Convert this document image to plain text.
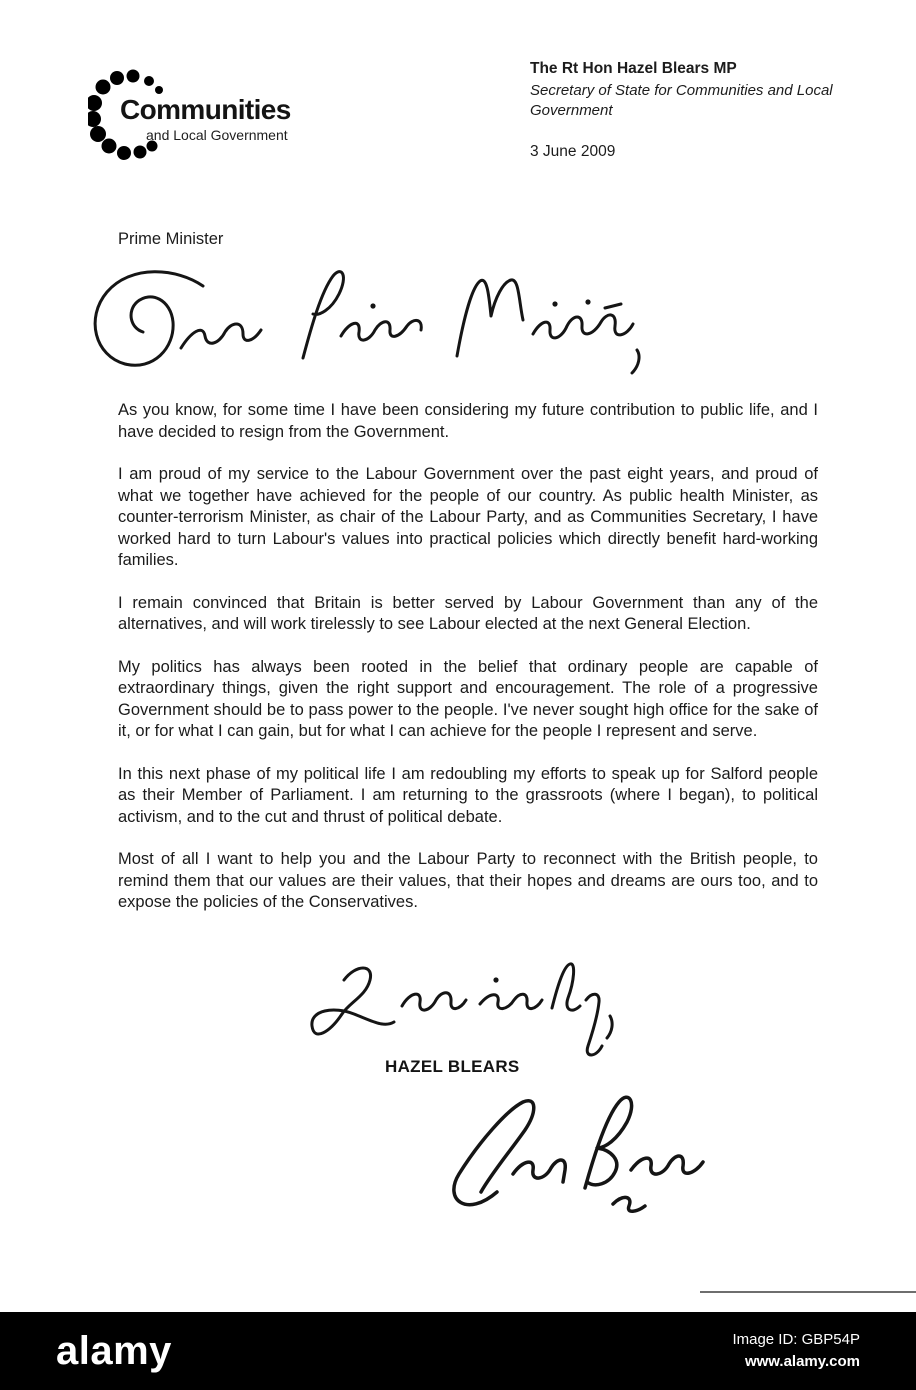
Communities
and Local Government
The Rt Hon Hazel Blears MP
Secretary of State for Communities and Local Government
3 June 2009
Prime Minister

As you know, for some time I have been considering my future contribution to public life, and I have decided to resign from the Government.

I am proud of my service to the Labour Government over the past eight years, and proud of what we together have achieved for the people of our country. As public health Minister, as counter-terrorism Minister, as chair of the Labour Party, and as Communities Secretary, I have worked hard to turn Labour's values into practical policies which directly benefit hard-working families.

I remain convinced that Britain is better served by Labour Government than any of the alternatives, and will work tirelessly to see Labour elected at the next General Election.

My politics has always been rooted in the belief that ordinary people are capable of extraordinary things, given the right support and encouragement. The role of a progressive Government should be to pass power to the people. I've never sought high office for the sake of it, or for what I can gain, but for what I can achieve for the people I represent and serve.

In this next phase of my political life I am redoubling my efforts to speak up for Salford people as their Member of Parliament. I am returning to the grassroots (where I began), to political activism, and to the cut and thrust of political debate.

Most of all I want to help you and the Labour Party to reconnect with the British people, to remind them that our values are their values, that their hopes and dreams are ours too, and to expose the policies of the Conservatives.

HAZEL BLEARS
alamy	Image ID: GBP54P
www.alamy.com
